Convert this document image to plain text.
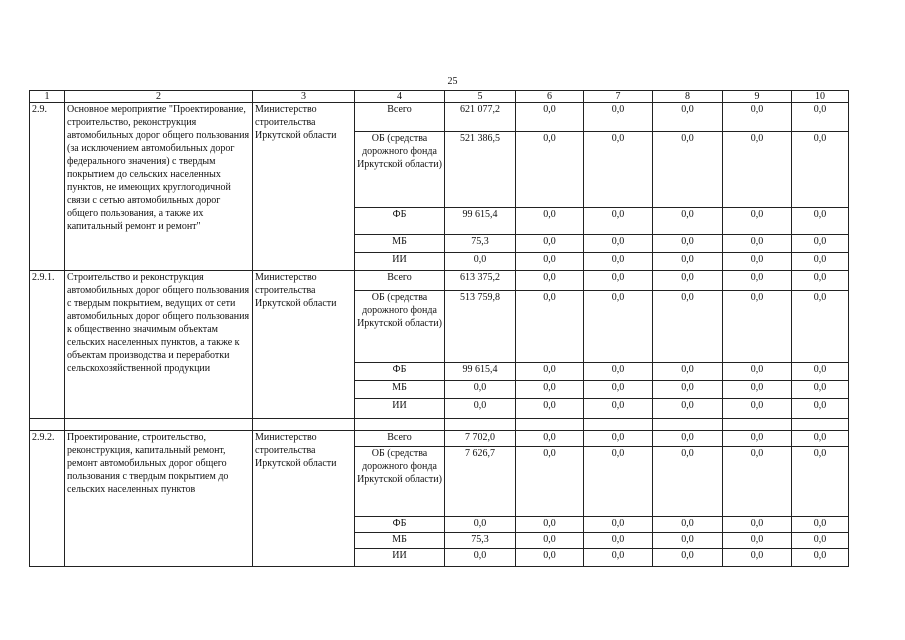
25
1	2	3	4	5	6	7	8	9	10
2.9.	Основное мероприятие "Проектирование, строительство, реконструкция автомобильных дорог общего пользования (за исключением автомобильных дорог федерального значения) с твердым покрытием до сельских населенных пунктов, не имеющих круглогодичной связи с сетью автомобильных дорог общего пользования, а также их капитальный ремонт и ремонт"	Министерство строительства Иркутской области	Всего	621 077,2	0,0	0,0	0,0	0,0	0,0
			ОБ (средства дорожного фонда Иркутской области)	521 386,5	0,0	0,0	0,0	0,0	0,0
			ФБ	99 615,4	0,0	0,0	0,0	0,0	0,0
			МБ	75,3	0,0	0,0	0,0	0,0	0,0
			ИИ	0,0	0,0	0,0	0,0	0,0	0,0
2.9.1.	Строительство и реконструкция автомобильных дорог общего пользования с твердым покрытием, ведущих от сети автомобильных дорог общего пользования к общественно значимым объектам сельских населенных пунктов, а также к объектам производства и переработки сельскохозяйственной продукции	Министерство строительства Иркутской области	Всего	613 375,2	0,0	0,0	0,0	0,0	0,0
			ОБ (средства дорожного фонда Иркутской области)	513 759,8	0,0	0,0	0,0	0,0	0,0
			ФБ	99 615,4	0,0	0,0	0,0	0,0	0,0
			МБ	0,0	0,0	0,0	0,0	0,0	0,0
			ИИ	0,0	0,0	0,0	0,0	0,0	0,0

2.9.2.	Проектирование, строительство, реконструкция, капитальный ремонт, ремонт автомобильных дорог общего пользования с твердым покрытием до сельских населенных пунктов	Министерство строительства Иркутской области	Всего	7 702,0	0,0	0,0	0,0	0,0	0,0
			ОБ (средства дорожного фонда Иркутской области)	7 626,7	0,0	0,0	0,0	0,0	0,0
			ФБ	0,0	0,0	0,0	0,0	0,0	0,0
			МБ	75,3	0,0	0,0	0,0	0,0	0,0
			ИИ	0,0	0,0	0,0	0,0	0,0	0,0
